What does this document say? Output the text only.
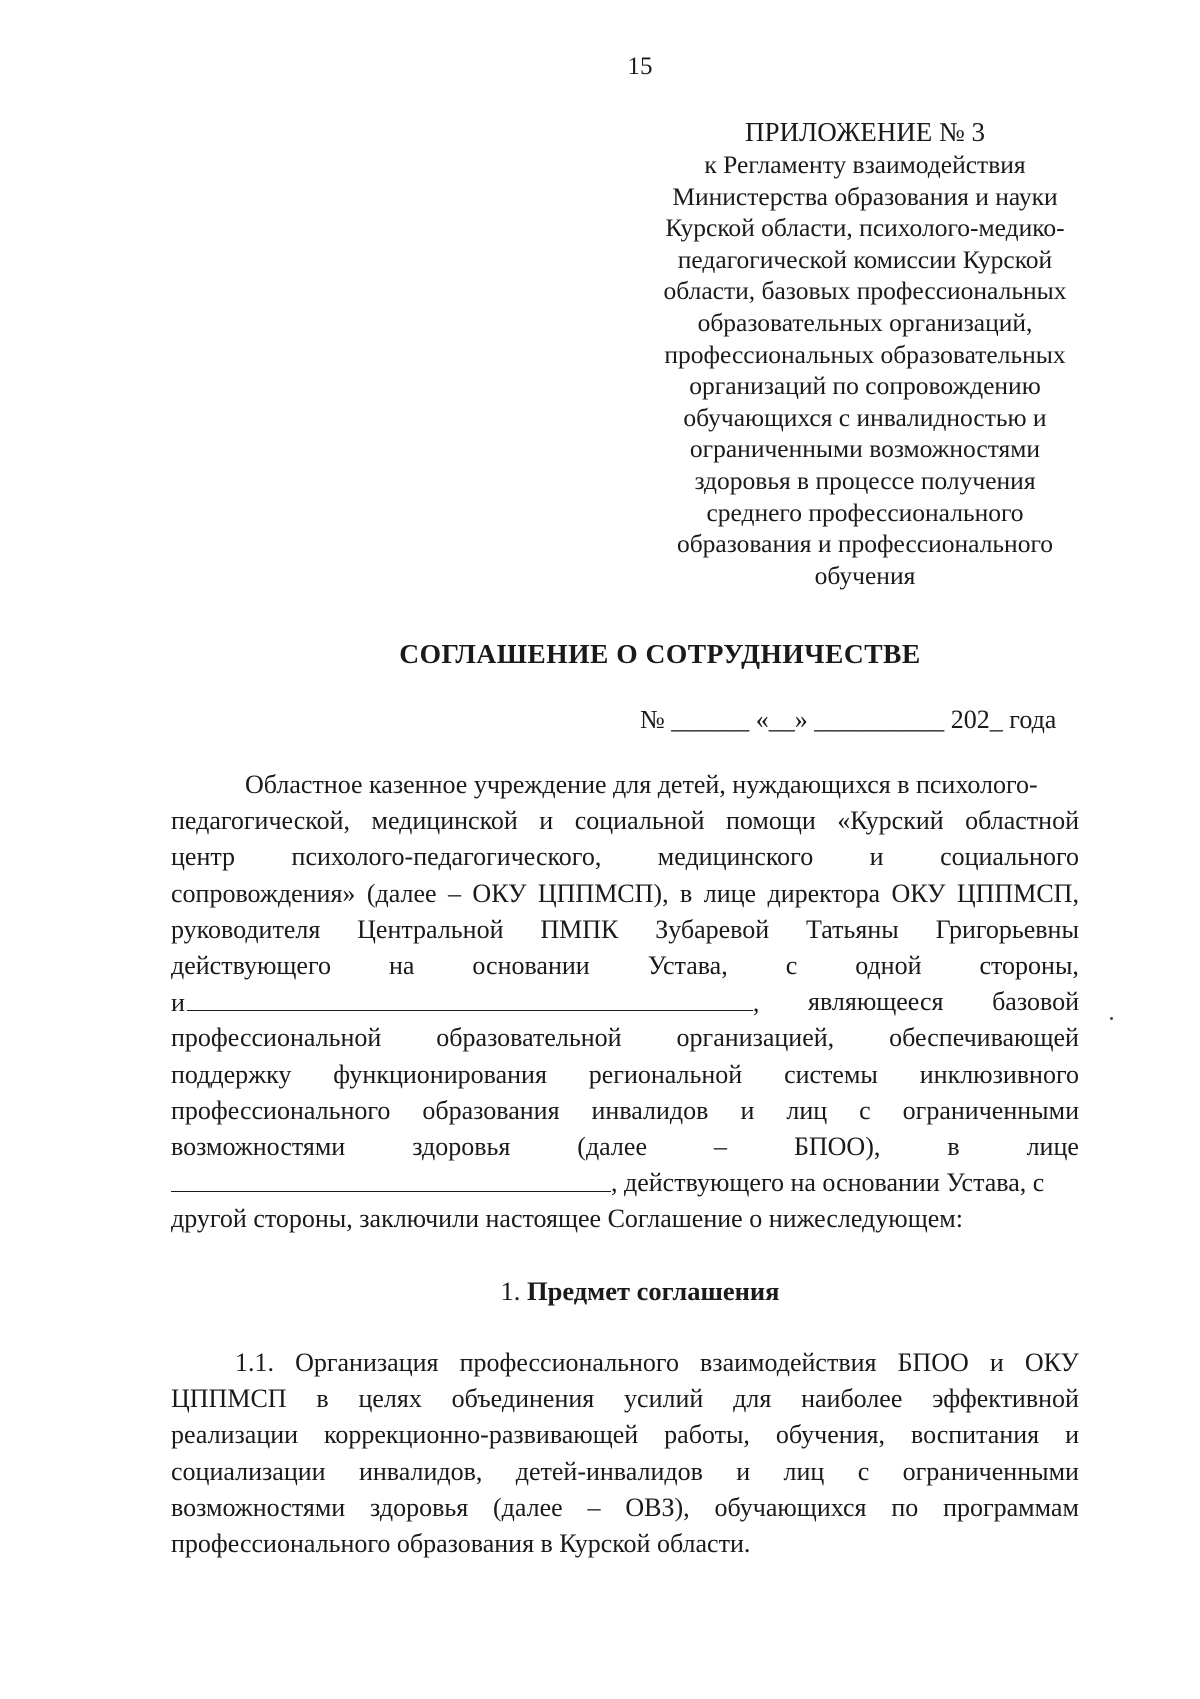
15
ПРИЛОЖЕНИЕ № 3
к Регламенту взаимодействия
Министерства образования и науки
Курской области, психолого-медико-
педагогической комиссии Курской
области, базовых профессиональных
образовательных организаций,
профессиональных образовательных
организаций по сопровождению
обучающихся с инвалидностью и
ограниченными возможностями
здоровья в процессе получения
среднего профессионального
образования и профессионального
обучения
СОГЛАШЕНИЕ О СОТРУДНИЧЕСТВЕ
№ ______ «__» __________ 202_ года
Областное казенное учреждение для детей, нуждающихся в психолого-
педагогической, медицинской и социальной помощи «Курский областной
центр психолого-педагогического, медицинского и социального
сопровождения» (далее – ОКУ ЦППМСП), в лице директора ОКУ ЦППМСП,
руководителя Центральной ПМПК Зубаревой Татьяны Григорьевны
действующего на основании Устава, с одной стороны,
и	, являющееся базовой
профессиональной образовательной организацией, обеспечивающей
поддержку функционирования региональной системы инклюзивного
профессионального образования инвалидов и лиц с ограниченными
возможностями	здоровья	(далее	–	БПОО),	в	лице
, действующего на основании Устава, с
другой стороны, заключили настоящее Соглашение о нижеследующем:
1. Предмет соглашения
1.1. Организация профессионального взаимодействия БПОО и ОКУ
ЦППМСП в целях объединения усилий для наиболее эффективной
реализации коррекционно-развивающей работы, обучения, воспитания и
социализации инвалидов, детей-инвалидов и лиц с ограниченными
возможностями здоровья (далее – ОВЗ), обучающихся по программам
профессионального образования в Курской области.
